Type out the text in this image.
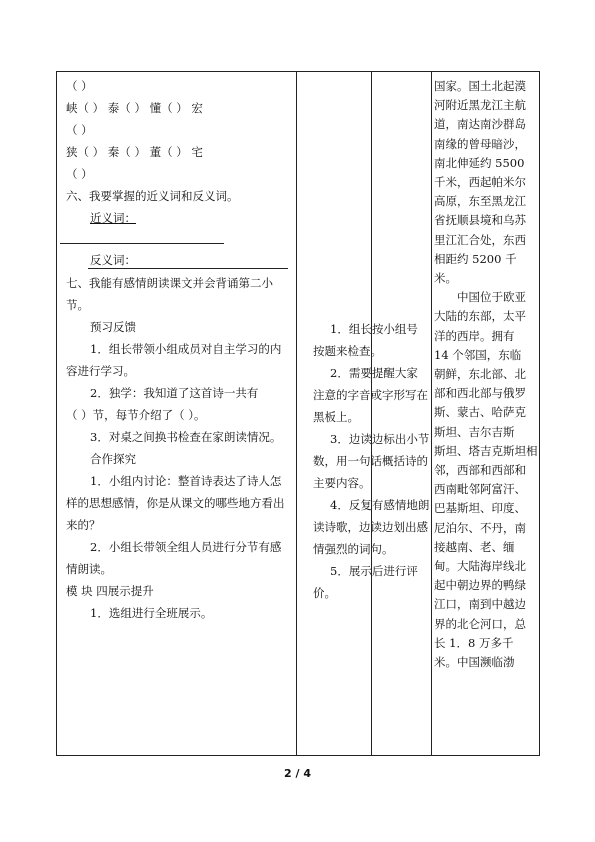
（ ）
峡（ ） 泰（ ） 懂（ ） 宏
（ ）
狭（ ） 秦（ ） 董（ ） 宅
（ ）
六、我要掌握的近义词和反义词。
近义词：
反义词：
七、我能有感情朗读课文并会背诵第二小
节。
预习反馈
1．组长带领小组成员对自主学习的内
容进行学习。
2．独学：我知道了这首诗一共有
（ ）节，每节介绍了（ ）。
3．对桌之间换书检查在家朗读情况。
合作探究
1．小组内讨论：整首诗表达了诗人怎
样的思想感情，你是从课文的哪些地方看出
来的？
2．小组长带领全组人员进行分节有感
情朗读。
模 块 四展示提升
1．选组进行全班展示。
1．组长按小组号
按题来检查。
2．需要提醒大家
注意的字音或字形写在
黑板上。
3．边读边标出小节
数，用一句话概括诗的
主要内容。
4．反复有感情地朗
读诗歌，边读边划出感
情强烈的词句。
5．展示后进行评
价。
国家。国土北起漠
河附近黑龙江主航
道，南达南沙群岛
南缘的曾母暗沙，
南北伸延约 5500
千米，西起帕米尔
高原，东至黑龙江
省抚顺县境和乌苏
里江汇合处，东西
相距约 5200 千
米。
　　中国位于欧亚
大陆的东部，太平
洋的西岸。拥有
14 个邻国，东临
朝鲜，东北部、北
部和西北部与俄罗
斯、蒙古、哈萨克
斯坦、吉尔吉斯
斯坦、塔吉克斯坦相
邻，西部和西部和
西南毗邻阿富汗、
巴基斯坦、印度、
尼泊尔、不丹，南
接越南、老、缅
甸。大陆海岸线北
起中朝边界的鸭绿
江口，南到中越边
界的北仑河口，总
长 1．8 万多千
米。中国濒临渤
2 / 4
